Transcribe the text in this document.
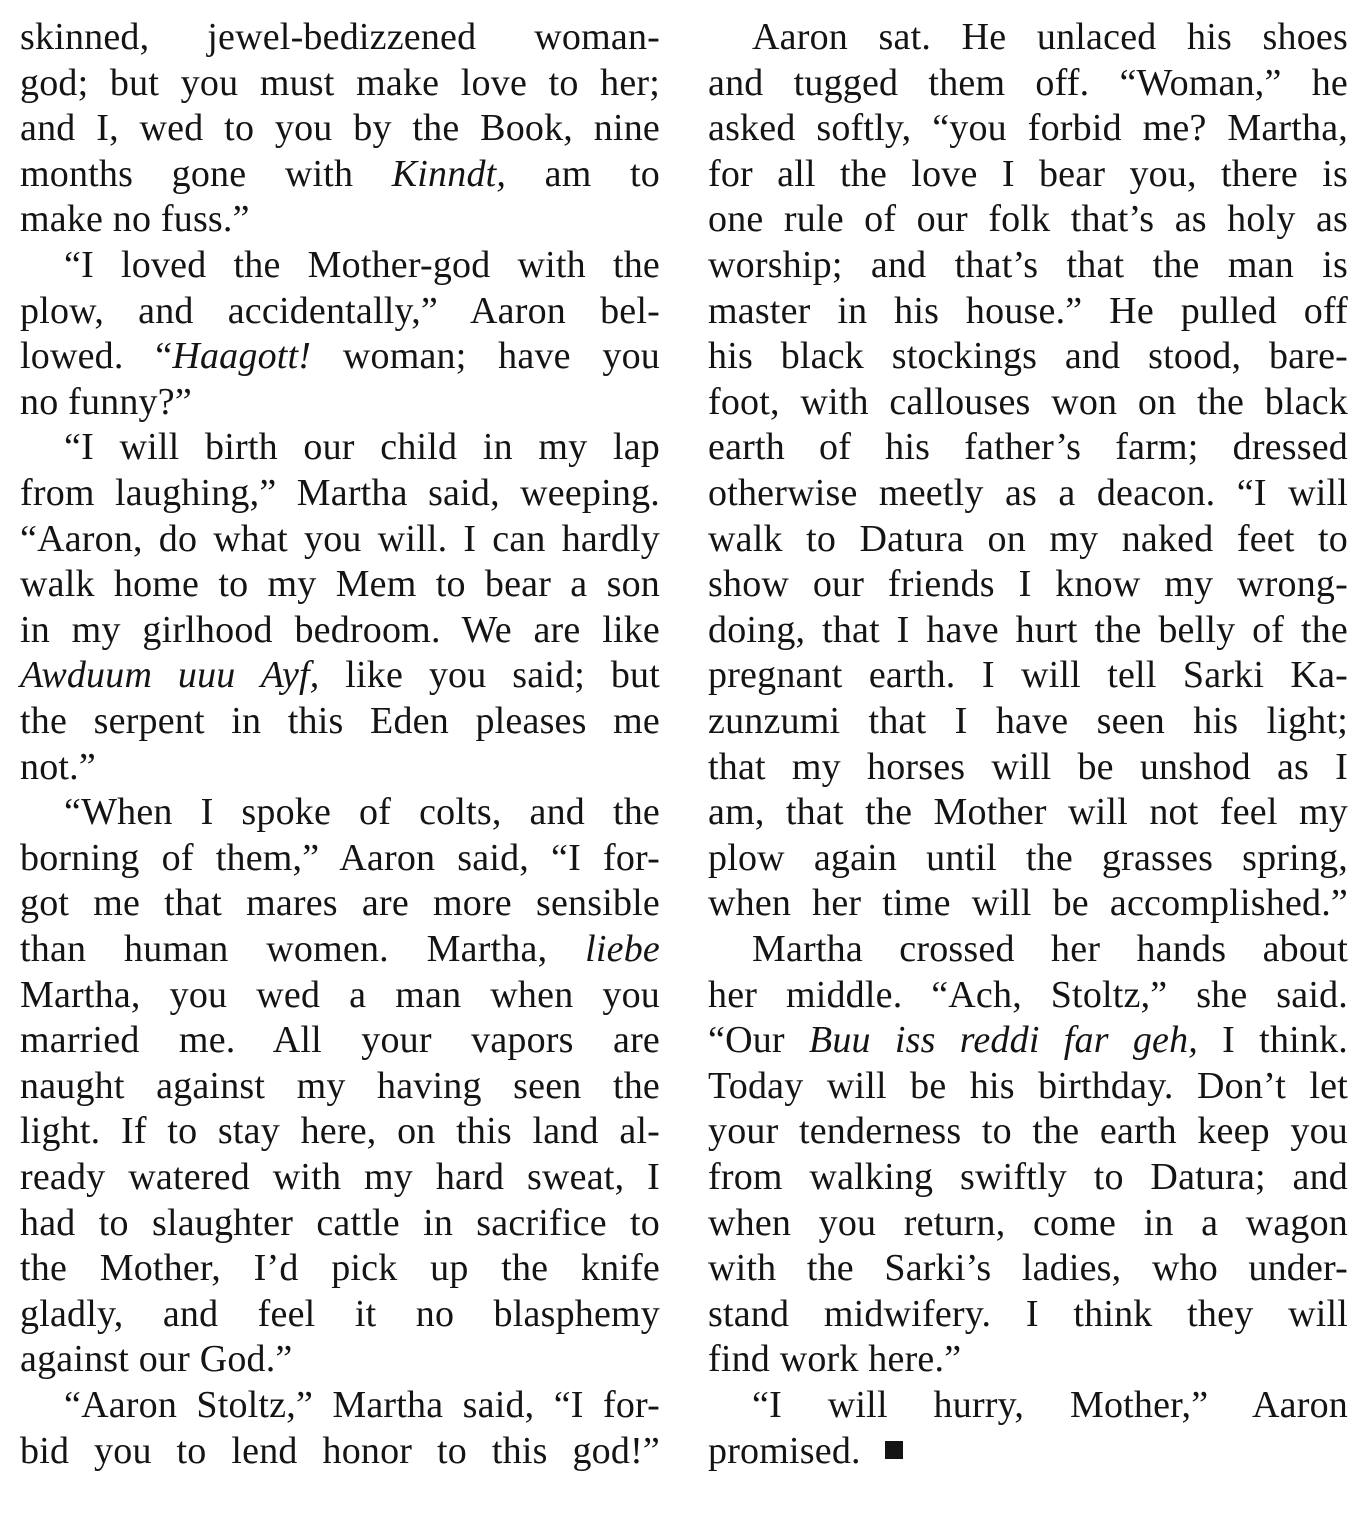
skinned, jewel-bedizzened woman-
god; but you must make love to her;
and I, wed to you by the Book, nine
months gone with Kinndt, am to
make no fuss.”
“I loved the Mother-god with the
plow, and accidentally,” Aaron bel-
lowed. “Haagott! woman; have you
no funny?”
“I will birth our child in my lap
from laughing,” Martha said, weeping.
“Aaron, do what you will. I can hardly
walk home to my Mem to bear a son
in my girlhood bedroom. We are like
Awduum uuu Ayf, like you said; but
the serpent in this Eden pleases me
not.”
“When I spoke of colts, and the
borning of them,” Aaron said, “I for-
got me that mares are more sensible
than human women. Martha, liebe
Martha, you wed a man when you
married me. All your vapors are
naught against my having seen the
light. If to stay here, on this land al-
ready watered with my hard sweat, I
had to slaughter cattle in sacrifice to
the Mother, I’d pick up the knife
gladly, and feel it no blasphemy
against our God.”
“Aaron Stoltz,” Martha said, “I for-
bid you to lend honor to this god!”
Aaron sat. He unlaced his shoes
and tugged them off. “Woman,” he
asked softly, “you forbid me? Martha,
for all the love I bear you, there is
one rule of our folk that’s as holy as
worship; and that’s that the man is
master in his house.” He pulled off
his black stockings and stood, bare-
foot, with callouses won on the black
earth of his father’s farm; dressed
otherwise meetly as a deacon. “I will
walk to Datura on my naked feet to
show our friends I know my wrong-
doing, that I have hurt the belly of the
pregnant earth. I will tell Sarki Ka-
zunzumi that I have seen his light;
that my horses will be unshod as I
am, that the Mother will not feel my
plow again until the grasses spring,
when her time will be accomplished.”
Martha crossed her hands about
her middle. “Ach, Stoltz,” she said.
“Our Buu iss reddi far geh, I think.
Today will be his birthday. Don’t let
your tenderness to the earth keep you
from walking swiftly to Datura; and
when you return, come in a wagon
with the Sarki’s ladies, who under-
stand midwifery. I think they will
find work here.”
“I will hurry, Mother,” Aaron
promised.
